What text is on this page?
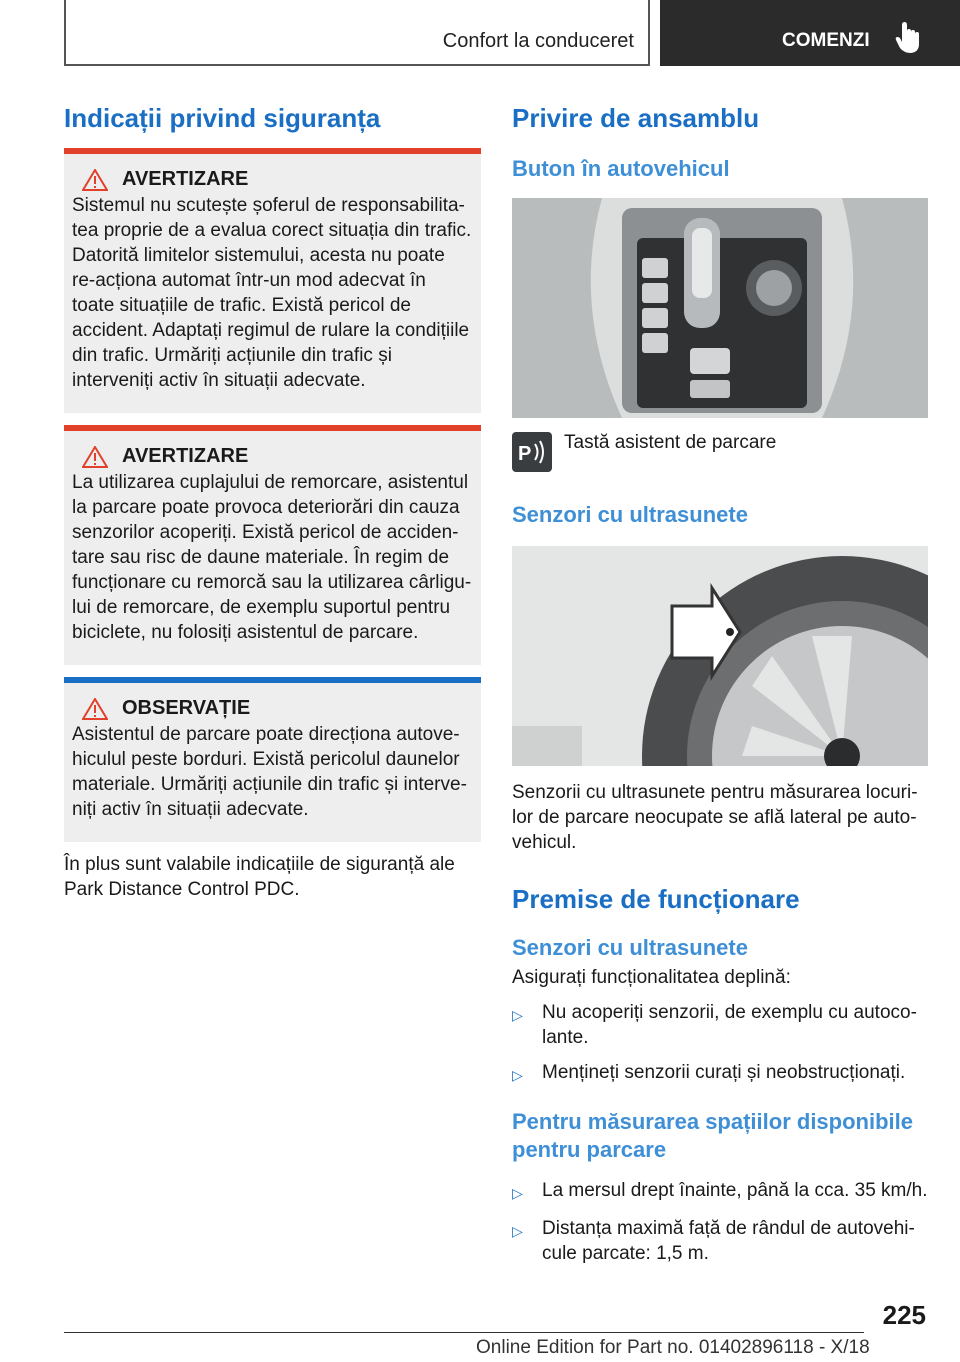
Confort la conduceret	COMENZI
Indicații privind siguranța
AVERTIZARE
Sistemul nu scutește șoferul de responsabilita-tea proprie de a evalua corect situația din trafic. Datorită limitelor sistemului, acesta nu poate re-acționa automat într-un mod adecvat în toate situațiile de trafic. Există pericol de accident. Adaptați regimul de rulare la condițiile din trafic. Urmăriți acțiunile din trafic și interveniți activ în situații adecvate.
AVERTIZARE
La utilizarea cuplajului de remorcare, asistentul la parcare poate provoca deteriorări din cauza senzorilor acoperiți. Există pericol de acciden-tare sau risc de daune materiale. În regim de funcționare cu remorcă sau la utilizarea cârligu-lui de remorcare, de exemplu suportul pentru biciclete, nu folosiți asistentul de parcare.
OBSERVAȚIE
Asistentul de parcare poate direcționa autove-hiculul peste borduri. Există pericolul daunelor materiale. Urmăriți acțiunile din trafic și interve-niți activ în situații adecvate.

În plus sunt valabile indicațiile de siguranță ale Park Distance Control PDC.

Privire de ansamblu
Buton în autovehicul
P
Tastă asistent de parcare
Senzori cu ultrasunete

Senzorii cu ultrasunete pentru măsurarea locuri-lor de parcare neocupate se află lateral pe auto-vehicul.

Premise de funcționare
Senzori cu ultrasunete

Asigurați funcționalitatea deplină:

▷	Nu acoperiți senzorii, de exemplu cu autoco-lante.
▷	Mențineți senzorii curați și neobstrucționați.
Pentru măsurarea spațiilor disponibile pentru parcare
▷	La mersul drept înainte, până la cca. 35 km/h.
▷	Distanța maximă față de rândul de autovehi-cule parcate: 1,5 m.
225
Online Edition for Part no. 01402896118 - X/18
